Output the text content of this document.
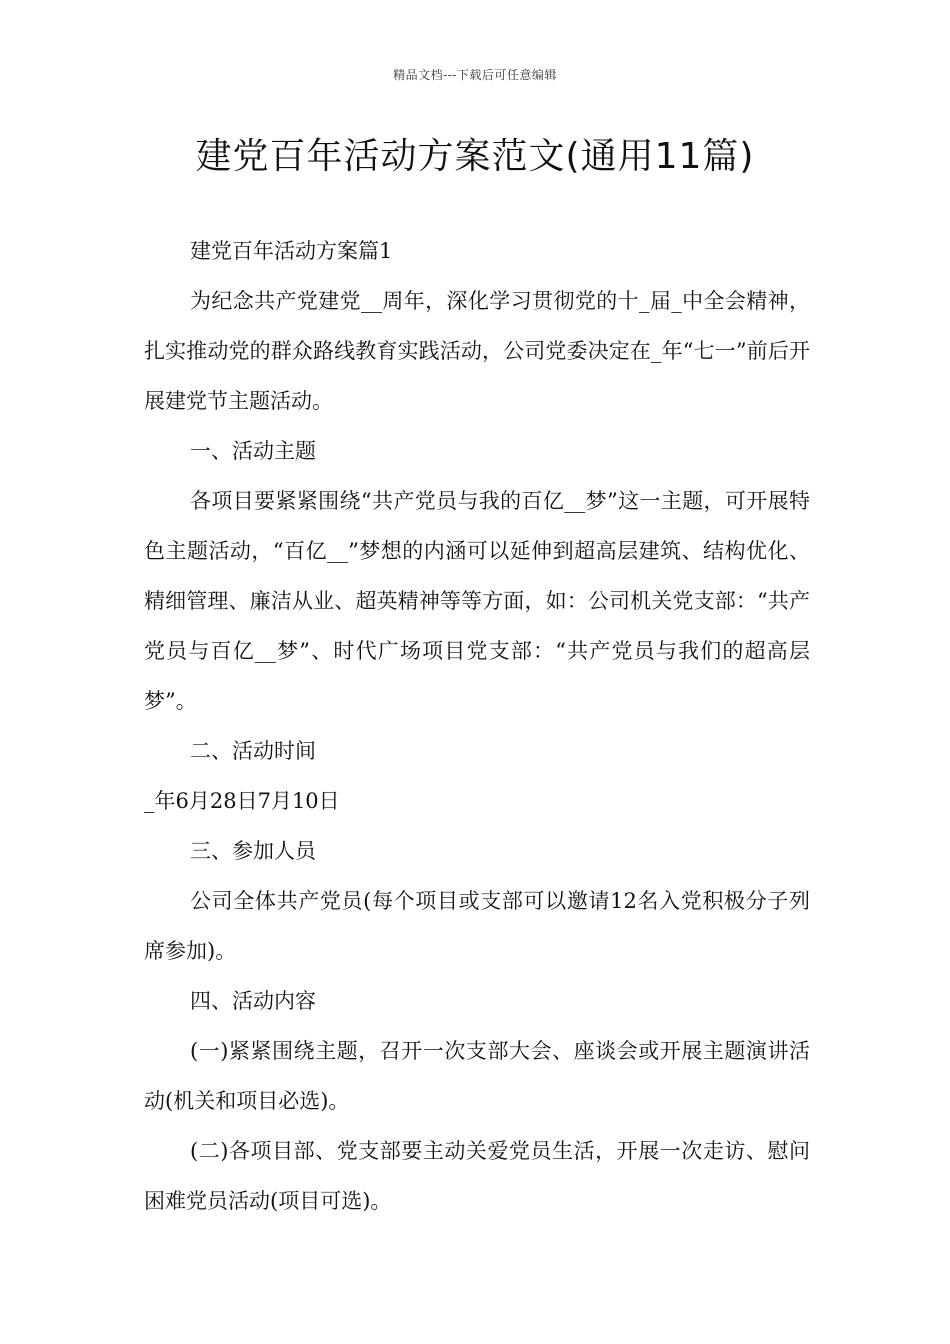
精品文档---下载后可任意编辑
建党百年活动方案范文(通用11篇)

建党百年活动方案篇1

为纪念共产党建党__周年，深化学习贯彻党的十_届_中全会精神，扎实推动党的群众路线教育实践活动，公司党委决定在_年“七一”前后开展建党节主题活动。

一、活动主题

各项目要紧紧围绕“共产党员与我的百亿__梦”这一主题，可开展特色主题活动，“百亿__”梦想的内涵可以延伸到超高层建筑、结构优化、精细管理、廉洁从业、超英精神等等方面，如：公司机关党支部：“共产党员与百亿__梦”、时代广场项目党支部：“共产党员与我们的超高层梦”。

二、活动时间

_年6月28日7月10日

三、参加人员

公司全体共产党员(每个项目或支部可以邀请12名入党积极分子列席参加)。

四、活动内容

(一)紧紧围绕主题，召开一次支部大会、座谈会或开展主题演讲活动(机关和项目必选)。

(二)各项目部、党支部要主动关爱党员生活，开展一次走访、慰问困难党员活动(项目可选)。
